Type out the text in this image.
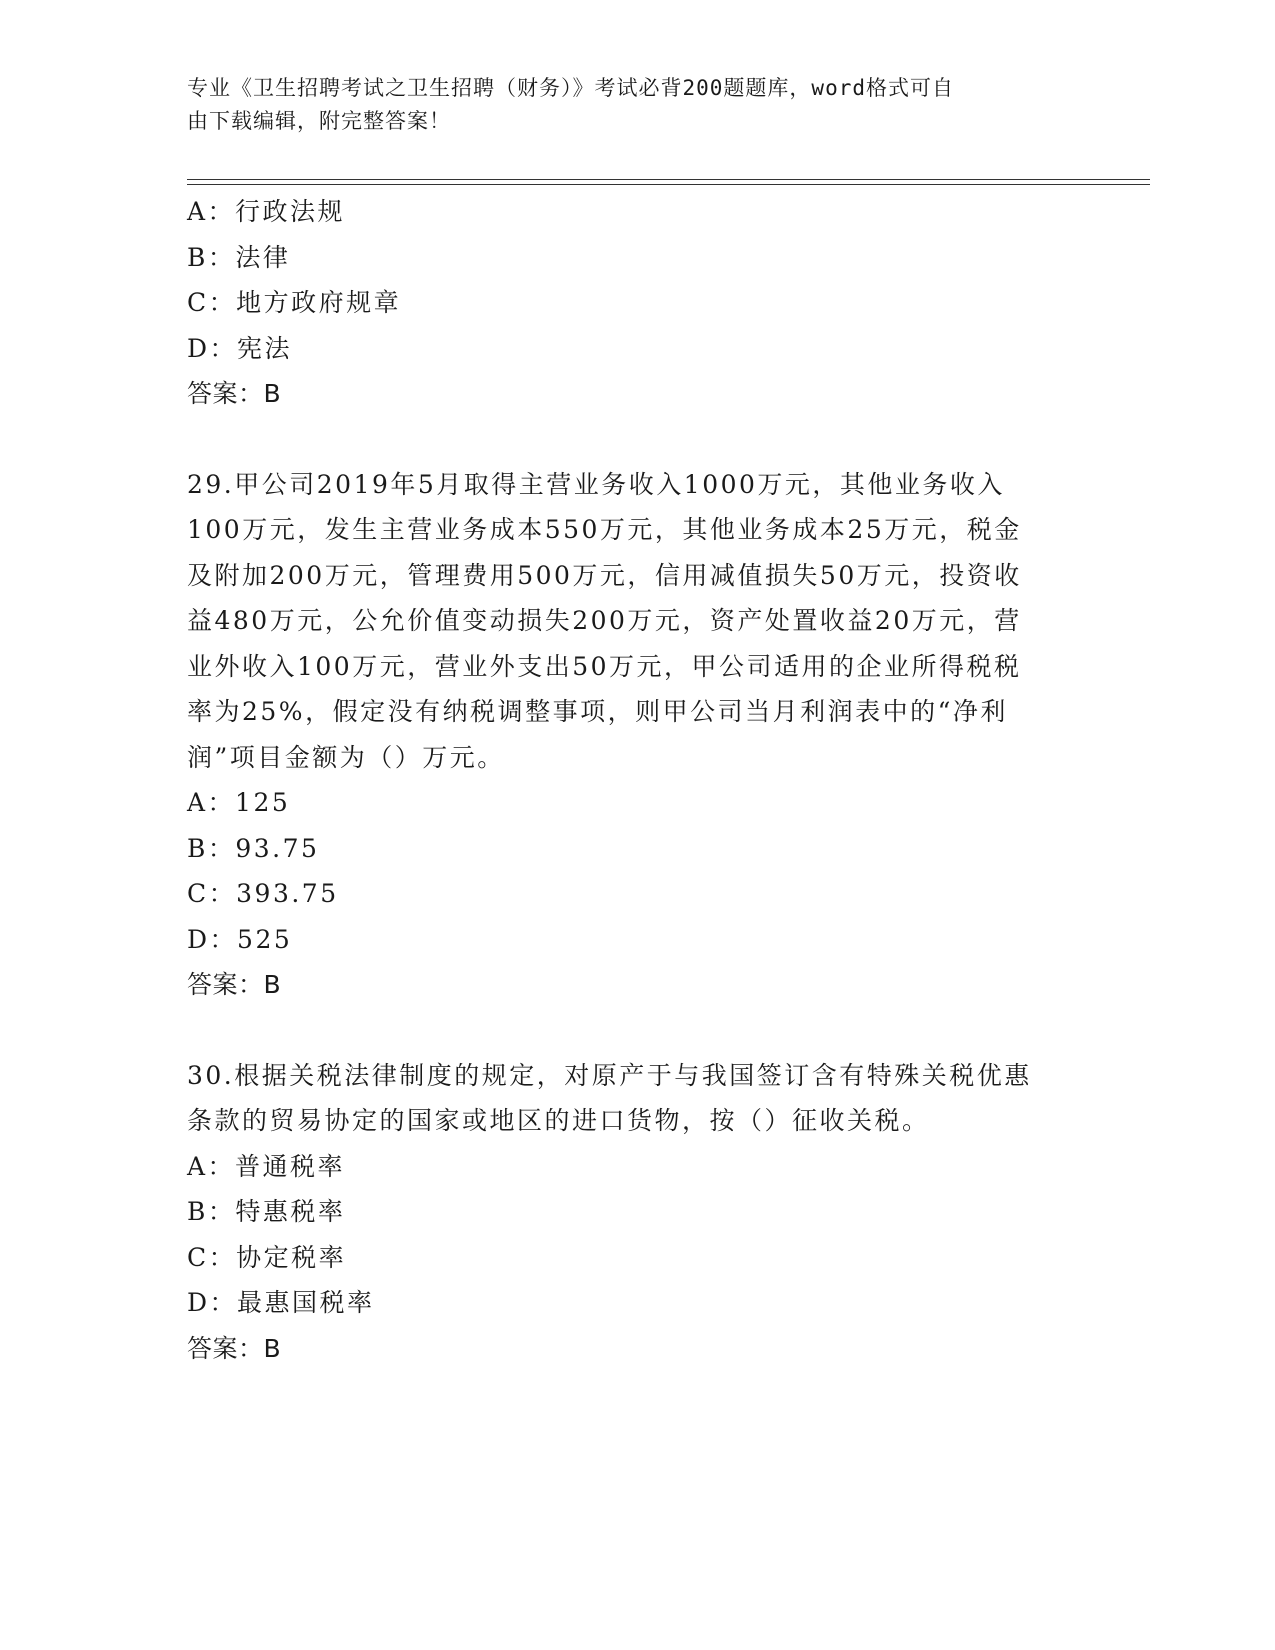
专业《卫生招聘考试之卫生招聘（财务）》考试必背200题题库，word格式可自
由下载编辑，附完整答案！
A：行政法规
B：法律
C：地方政府规章
D：宪法
答案：B
29.甲公司2019年5月取得主营业务收入1000万元，其他业务收入
100万元，发生主营业务成本550万元，其他业务成本25万元，税金
及附加200万元，管理费用500万元，信用减值损失50万元，投资收
益480万元，公允价值变动损失200万元，资产处置收益20万元，营
业外收入100万元，营业外支出50万元，甲公司适用的企业所得税税
率为25%，假定没有纳税调整事项，则甲公司当月利润表中的“净利
润”项目金额为（）万元。
A：125
B：93.75
C：393.75
D：525
答案：B
30.根据关税法律制度的规定，对原产于与我国签订含有特殊关税优惠
条款的贸易协定的国家或地区的进口货物，按（）征收关税。
A：普通税率
B：特惠税率
C：协定税率
D：最惠国税率
答案：B
